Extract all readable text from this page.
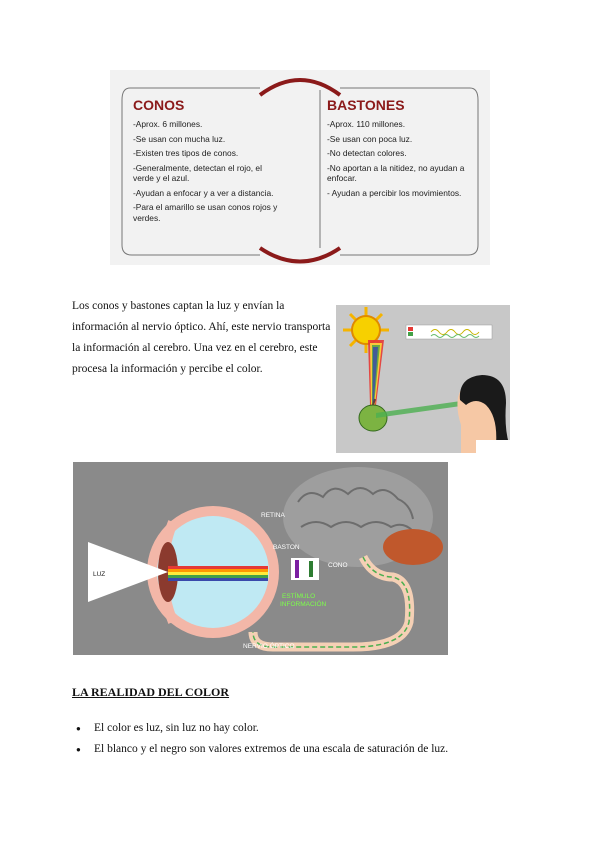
CONOS

-Aprox. 6 millones.

-Se usan con mucha luz.

-Existen tres tipos de conos.

-Generalmente, detectan el rojo, el verde y el azul.

-Ayudan a enfocar y a ver a distancia.

-Para el amarillo se usan conos rojos y verdes.

BASTONES

-Aprox. 110 millones.

-Se usan con poca luz.

-No detectan colores.

-No aportan a la nitidez, no ayudan a enfocar.

- Ayudan a percibir los movimientos.

Los conos y bastones captan la luz y envían la información al nervio óptico. Ahí, este nervio transporta la información al cerebro. Una vez en el cerebro, este procesa la información y percibe el color.

LUZ
RETINA
BASTON
CONO
ESTÍMULO
INFORMACIÓN
NERVIO ÓPTICO
LA REALIDAD DEL COLOR
● El color es luz, sin luz no hay color.
● El blanco y el negro son valores extremos de una escala de saturación de luz.
